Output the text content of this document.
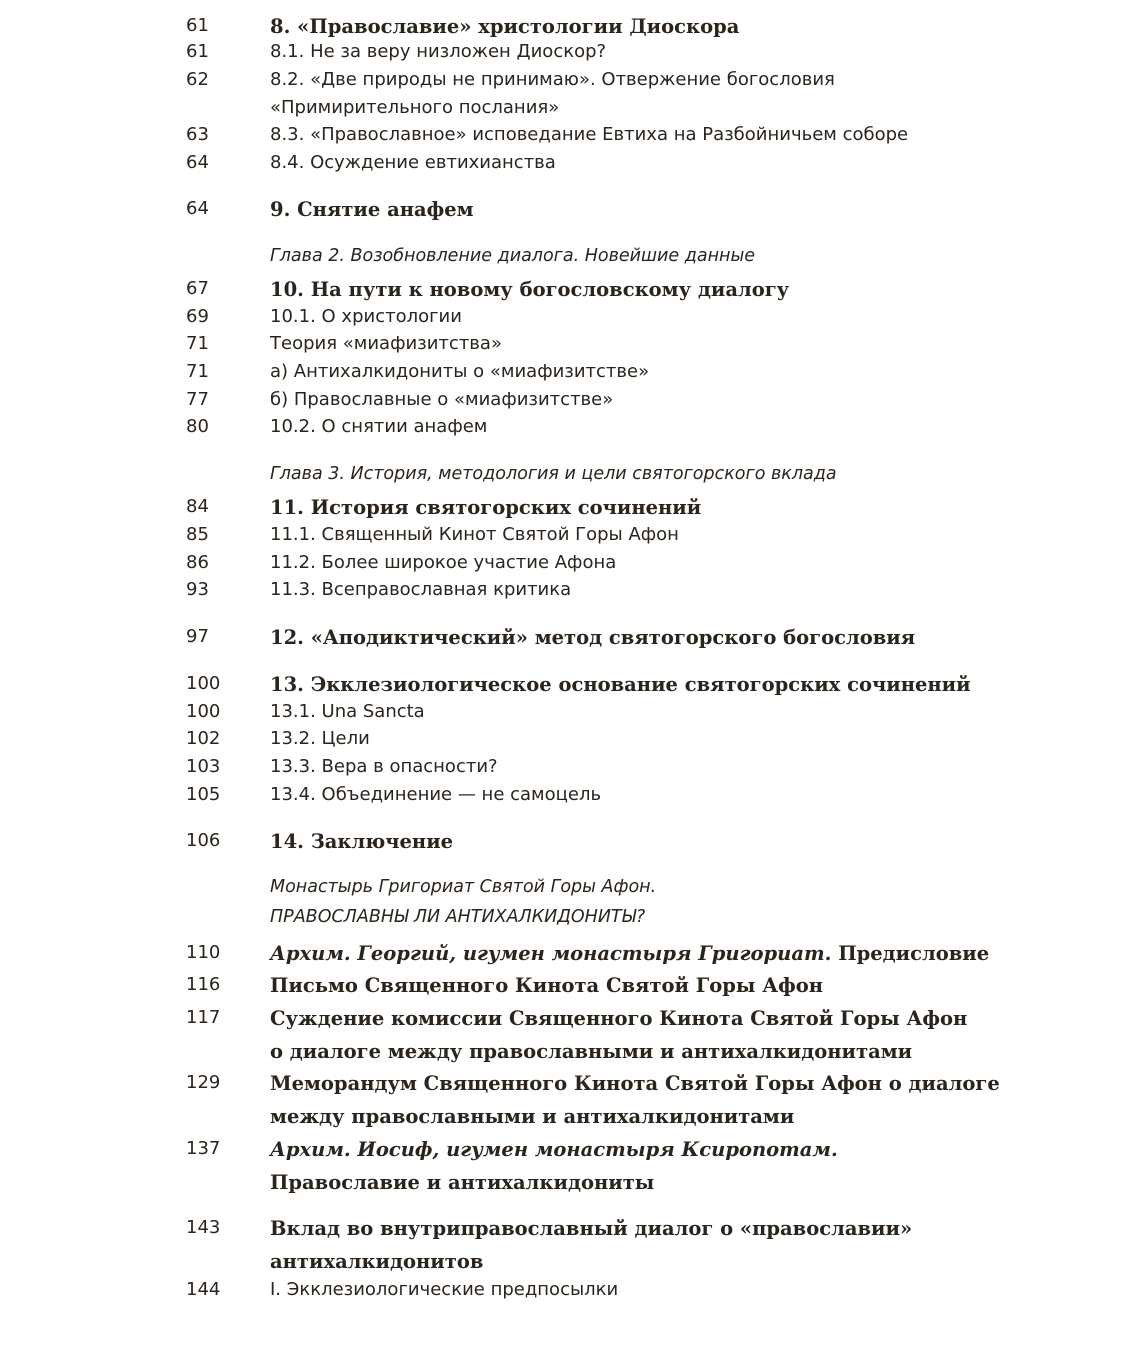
61	8. «Православие» христологии Диоскора
61	8.1. Не за веру низложен Диоскор?
62	8.2. «Две природы не принимаю». Отвержение богословия
«Примирительного послания»
63	8.3. «Православное» исповедание Евтиха на Разбойничьем соборе
64	8.4. Осуждение евтихианства
64	9. Снятие анафем
Глава 2. Возобновление диалога. Новейшие данные
67	10. На пути к новому богословскому диалогу
69	10.1. О христологии
71	Теория «миафизитства»
71	а) Антихалкидониты о «миафизитстве»
77	б) Православные о «миафизитстве»
80	10.2. О снятии анафем
Глава 3. История, методология и цели святогорского вклада
84	11. История святогорских сочинений
85	11.1. Священный Кинот Святой Горы Афон
86	11.2. Более широкое участие Афона
93	11.3. Всеправославная критика
97	12. «Аподиктический» метод святогорского богословия
100	13. Экклезиологическое основание святогорских сочинений
100	13.1. Una Sancta
102	13.2. Цели
103	13.3. Вера в опасности?
105	13.4. Объединение — не самоцель
106	14. Заключение
Монастырь Григориат Святой Горы Афон.
ПРАВОСЛАВНЫ ЛИ АНТИХАЛКИДОНИТЫ?
110	Архим. Георгий, игумен монастыря Григориат. Предисловие
116	Письмо Священного Кинота Святой Горы Афон
117	Суждение комиссии Священного Кинота Святой Горы Афон
о диалоге между православными и антихалкидонитами
129	Меморандум Священного Кинота Святой Горы Афон о диалоге
между православными и антихалкидонитами
137	Архим. Иосиф, игумен монастыря Ксиропотам.
Православие и антихалкидониты
143	Вклад во внутриправославный диалог о «православии»
антихалкидонитов
144	I. Экклезиологические предпосылки
